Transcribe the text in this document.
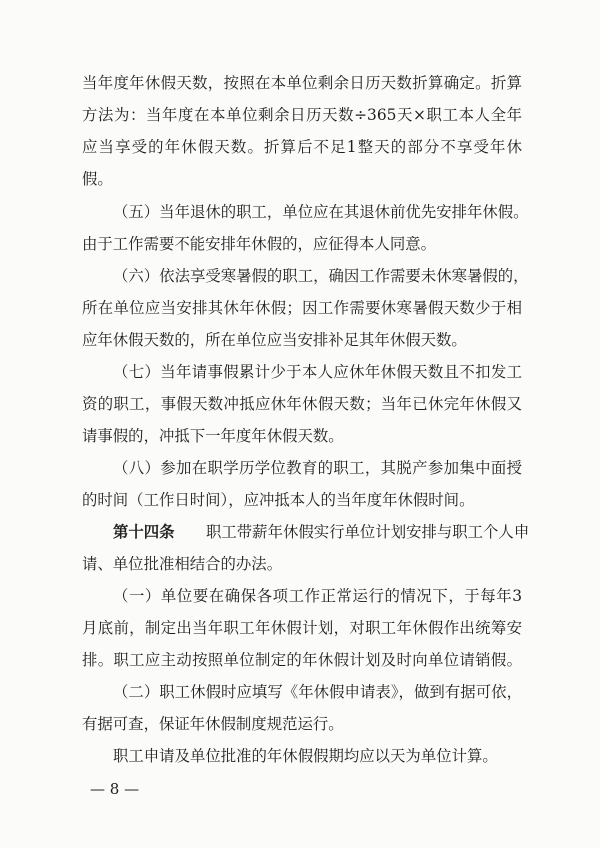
当年度年休假天数，按照在本单位剩余日历天数折算确定。折算
方法为：当年度在本单位剩余日历天数÷365天×职工本人全年
应当享受的年休假天数。折算后不足1整天的部分不享受年休
假。
（五）当年退休的职工，单位应在其退休前优先安排年休假。
由于工作需要不能安排年休假的，应征得本人同意。
（六）依法享受寒暑假的职工，确因工作需要未休寒暑假的，
所在单位应当安排其休年休假；因工作需要休寒暑假天数少于相
应年休假天数的，所在单位应当安排补足其年休假天数。
（七）当年请事假累计少于本人应休年休假天数且不扣发工
资的职工，事假天数冲抵应休年休假天数；当年已休完年休假又
请事假的，冲抵下一年度年休假天数。
（八）参加在职学历学位教育的职工，其脱产参加集中面授
的时间（工作日时间），应冲抵本人的当年度年休假时间。
第十四条	职工带薪年休假实行单位计划安排与职工个人申
请、单位批准相结合的办法。
（一）单位要在确保各项工作正常运行的情况下，于每年3
月底前，制定出当年职工年休假计划，对职工年休假作出统筹安
排。职工应主动按照单位制定的年休假计划及时向单位请销假。
（二）职工休假时应填写《年休假申请表》，做到有据可依，
有据可查，保证年休假制度规范运行。
职工申请及单位批准的年休假假期均应以天为单位计算。
— 8 —
